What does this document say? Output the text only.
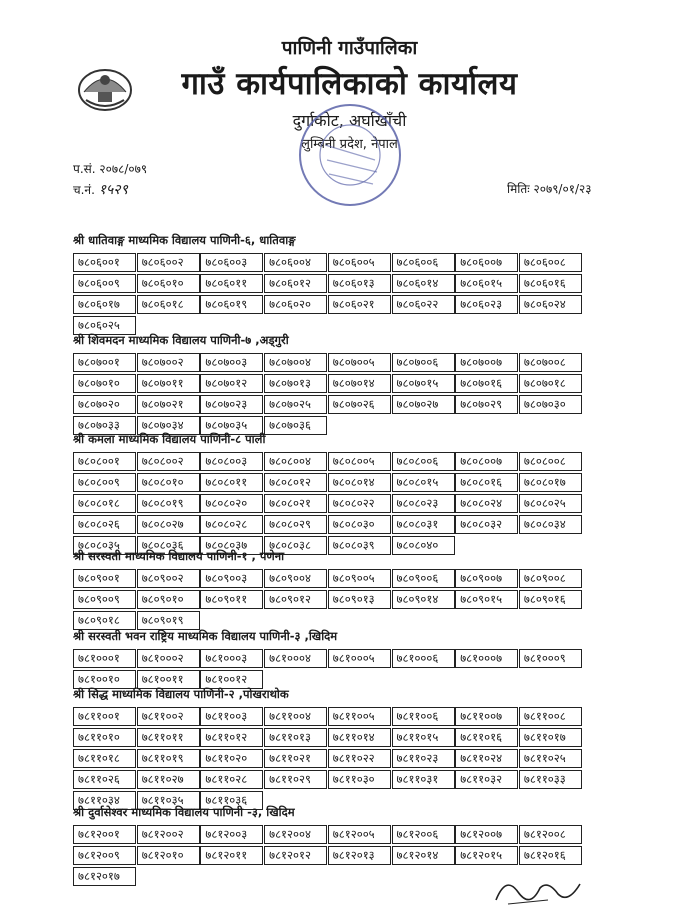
पाणिनी गाउँपालिका
गाउँ कार्यपालिकाको कार्यालय
दुर्गाकोट, अर्घाखाँची
लुम्बिनी प्रदेश, नेपाल
प.सं. २०७८/०७९
च.नं. १५२९	मितिः २०७९/०१/२३
श्री धातिवाङ्ग माध्यमिक विद्यालय पाणिनी-६, धातिवाङ्ग
७८०६००१	७८०६००२	७८०६००३	७८०६००४	७८०६००५	७८०६००६	७८०६००७	७८०६००८
७८०६००९	७८०६०१०	७८०६०११	७८०६०१२	७८०६०१३	७८०६०१४	७८०६०१५	७८०६०१६
७८०६०१७	७८०६०१८	७८०६०१९	७८०६०२०	७८०६०२१	७८०६०२२	७८०६०२३	७८०६०२४
७८०६०२५
श्री शिवमदन माध्यमिक विद्यालय पाणिनी-७ ,अड्गुरी
७८०७००१	७८०७००२	७८०७००३	७८०७००४	७८०७००५	७८०७००६	७८०७००७	७८०७००८
७८०७०१०	७८०७०११	७८०७०१२	७८०७०१३	७८०७०१४	७८०७०१५	७८०७०१६	७८०७०१८
७८०७०२०	७८०७०२१	७८०७०२३	७८०७०२५	७८०७०२६	७८०७०२७	७८०७०२९	७८०७०३०
७८०७०३३	७८०७०३४	७८०७०३५	७८०७०३६
श्री कमला माध्यमिक विद्यालय पाणिनी-८ पाली
७८०८००१	७८०८००२	७८०८००३	७८०८००४	७८०८००५	७८०८००६	७८०८००७	७८०८००८
७८०८००९	७८०८०१०	७८०८०११	७८०८०१२	७८०८०१४	७८०८०१५	७८०८०१६	७८०८०१७
७८०८०१८	७८०८०१९	७८०८०२०	७८०८०२१	७८०८०२२	७८०८०२३	७८०८०२४	७८०८०२५
७८०८०२६	७८०८०२७	७८०८०२८	७८०८०२९	७८०८०३०	७८०८०३१	७८०८०३२	७८०८०३४
७८०८०३५	७८०८०३६	७८०८०३७	७८०८०३८	७८०८०३९	७८०८०४०
श्री सरस्वती माध्यमिक विद्यालय पाणिनी-१ , पणेना
७८०९००१	७८०९००२	७८०९००३	७८०९००४	७८०९००५	७८०९००६	७८०९००७	७८०९००८
७८०९००९	७८०९०१०	७८०९०११	७८०९०१२	७८०९०१३	७८०९०१४	७८०९०१५	७८०९०१६
७८०९०१८	७८०९०१९
श्री सरस्वती भवन राष्ट्रिय माध्यमिक विद्यालय पाणिनी-३ ,खिदिम
७८१०००१	७८१०००२	७८१०००३	७८१०००४	७८१०००५	७८१०००६	७८१०००७	७८१०००९
७८१००१०	७८१००११	७८१००१२
श्री सिद्ध माध्यमिक विद्यालय पाणिनी-२ ,पोखराथोक
७८११००१	७८११००२	७८११००३	७८११००४	७८११००५	७८११००६	७८११००७	७८११००८
७८११०१०	७८११०११	७८११०१२	७८११०१३	७८११०१४	७८११०१५	७८११०१६	७८११०१७
७८११०१८	७८११०१९	७८११०२०	७८११०२१	७८११०२२	७८११०२३	७८११०२४	७८११०२५
७८११०२६	७८११०२७	७८११०२८	७८११०२९	७८११०३०	७८११०३१	७८११०३२	७८११०३३
७८११०३४	७८११०३५	७८११०३६
श्री दुर्वासेश्वर माध्यमिक विद्यालय पाणिनी -३, खिदिम
७८१२००१	७८१२००२	७८१२००३	७८१२००४	७८१२००५	७८१२००६	७८१२००७	७८१२००८
७८१२००९	७८१२०१०	७८१२०११	७८१२०१२	७८१२०१३	७८१२०१४	७८१२०१५	७८१२०१६
७८१२०१७
